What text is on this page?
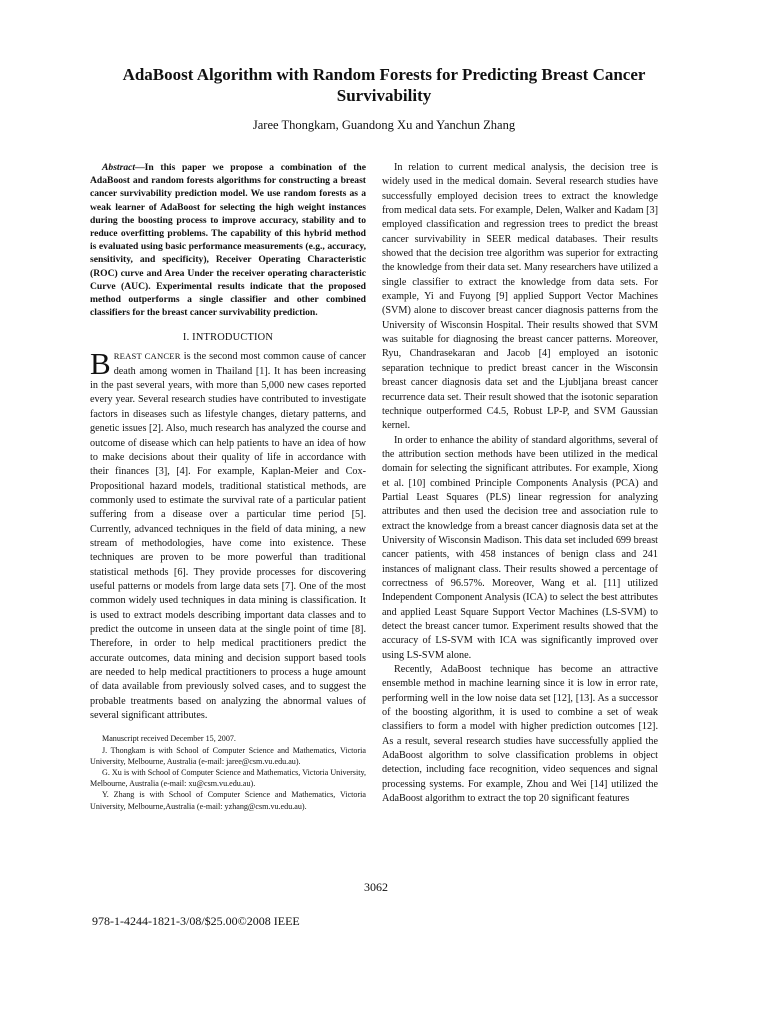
AdaBoost Algorithm with Random Forests for Predicting Breast Cancer Survivability
Jaree Thongkam, Guandong Xu and Yanchun Zhang

Abstract—In this paper we propose a combination of the AdaBoost and random forests algorithms for constructing a breast cancer survivability prediction model. We use random forests as a weak learner of AdaBoost for selecting the high weight instances during the boosting process to improve accuracy, stability and to reduce overfitting problems. The capability of this hybrid method is evaluated using basic performance measurements (e.g., accuracy, sensitivity, and specificity), Receiver Operating Characteristic (ROC) curve and Area Under the receiver operating characteristic Curve (AUC). Experimental results indicate that the proposed method outperforms a single classifier and other combined classifiers for the breast cancer survivability prediction.

I. INTRODUCTION

BREAST CANCER is the second most common cause of cancer death among women in Thailand [1]. It has been increasing in the past several years, with more than 5,000 new cases reported every year. Several research studies have contributed to investigate factors in diseases such as lifestyle changes, dietary patterns, and genetic issues [2]. Also, much research has analyzed the course and outcome of disease which can help patients to have an idea of how to make decisions about their quality of life in accordance with their finances [3], [4]. For example, Kaplan-Meier and Cox-Propositional hazard models, traditional statistical methods, are commonly used to estimate the survival rate of a particular patient suffering from a disease over a particular time period [5]. Currently, advanced techniques in the field of data mining, a new stream of methodologies, have come into existence. These techniques are proven to be more powerful than traditional statistical methods [6]. They provide processes for discovering useful patterns or models from large data sets [7]. One of the most common widely used techniques in data mining is classification. It is used to extract models describing important data classes and to predict the outcome in unseen data at the single point of time [8]. Therefore, in order to help medical practitioners predict the accurate outcomes, data mining and decision support based tools are needed to help medical practitioners to process a huge amount of data available from previously solved cases, and to suggest the probable treatments based on analyzing the abnormal values of several significant attributes.

Manuscript received December 15, 2007.

J. Thongkam is with School of Computer Science and Mathematics, Victoria University, Melbourne, Australia (e-mail: jaree@csm.vu.edu.au).

G. Xu is with School of Computer Science and Mathematics, Victoria University, Melbourne, Australia (e-mail: xu@csm.vu.edu.au).

Y. Zhang is with School of Computer Science and Mathematics, Victoria University, Melbourne,Australia (e-mail: yzhang@csm.vu.edu.au).

In relation to current medical analysis, the decision tree is widely used in the medical domain. Several research studies have successfully employed decision trees to extract the knowledge from medical data sets. For example, Delen, Walker and Kadam [3] employed classification and regression trees to predict the breast cancer survivability in SEER medical databases. Their results showed that the decision tree algorithm was superior for extracting the knowledge from their data set. Many researchers have utilized a single classifier to extract the knowledge from data sets. For example, Yi and Fuyong [9] applied Support Vector Machines (SVM) alone to discover breast cancer diagnosis patterns from the University of Wisconsin Hospital. Their results showed that SVM was suitable for diagnosing the breast cancer patterns. Moreover, Ryu, Chandrasekaran and Jacob [4] employed an isotonic separation technique to predict breast cancer in the Wisconsin breast cancer diagnosis data set and the Ljubljana breast cancer recurrence data set. Their result showed that the isotonic separation technique outperformed C4.5, Robust LP-P, and SVM Gaussian kernel.

In order to enhance the ability of standard algorithms, several of the attribution section methods have been utilized in the medical domain for selecting the significant attributes. For example, Xiong et al. [10] combined Principle Components Analysis (PCA) and Partial Least Squares (PLS) linear regression for analyzing attributes and then used the decision tree and association rule to extract the knowledge from a breast cancer diagnosis data set at the University of Wisconsin Madison. This data set included 699 breast cancer patients, with 458 instances of benign class and 241 instances of malignant class. Their results showed a percentage of correctness of 96.57%. Moreover, Wang et al. [11] utilized Independent Component Analysis (ICA) to select the best attributes and applied Least Square Support Vector Machines (LS-SVM) to detect the breast cancer tumor. Experiment results showed that the accuracy of LS-SVM with ICA was significantly improved over using LS-SVM alone.

Recently, AdaBoost technique has become an attractive ensemble method in machine learning since it is low in error rate, performing well in the low noise data set [12], [13]. As a successor of the boosting algorithm, it is used to combine a set of weak classifiers to form a model with higher prediction outcomes [12]. As a result, several research studies have successfully applied the AdaBoost algorithm to solve classification problems in object detection, including face recognition, video sequences and signal processing systems. For example, Zhou and Wei [14] utilized the AdaBoost algorithm to extract the top 20 significant features

3062
978-1-4244-1821-3/08/$25.00©2008 IEEE
